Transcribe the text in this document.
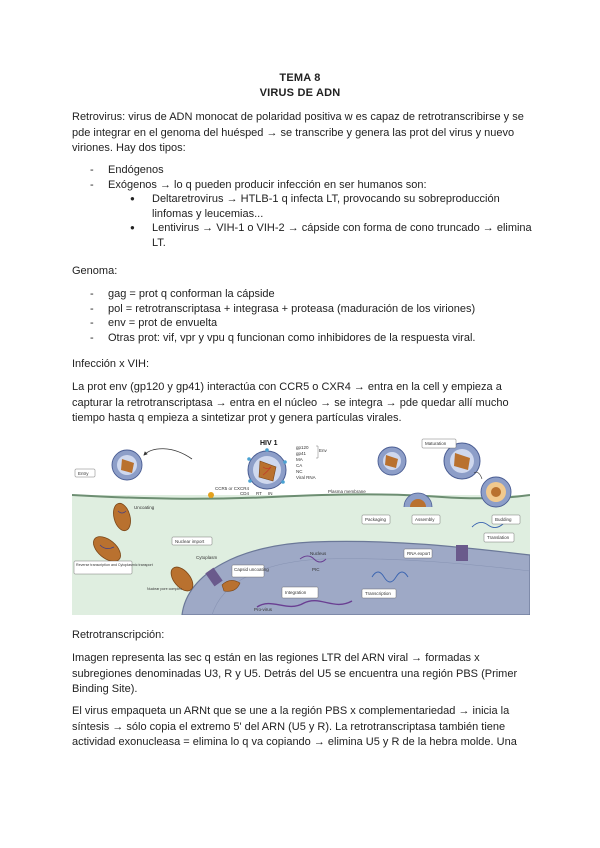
TEMA 8
VIRUS DE ADN

Retrovirus: virus de ADN monocat de polaridad positiva w es capaz de retrotranscribirse y se pde integrar en el genoma del huésped → se transcribe y genera las prot del virus y nuevo viriones. Hay dos tipos:

- Endógenos
- Exógenos → lo q pueden producir infección en ser humanos son:
● Deltaretrovirus → HTLB-1 q infecta LT, provocando su sobreproducción linfomas y leucemias...
● Lentivirus → VIH-1 o VIH-2 → cápside con forma de cono truncado → elimina LT.

Genoma:

- gag = prot q conforman la cápside
- pol = retrotranscriptasa + integrasa + proteasa (maduración de los viriones)
- env = prot de envuelta
- Otras prot: vif, vpr y vpu q funcionan como inhibidores de la respuesta viral.

Infección x VIH:

La prot env (gp120 y gp41) interactúa con CCR5 o CXR4 → entra en la cell y empieza a capturar la retrotranscriptasa → entra en el núcleo → se integra → pde quedar allí mucho tiempo hasta q empieza a sintetizar prot y genera partículas virales.

HIV 1
gp120
gp41
MA
CA
NC
Viral RNA
Env
CD4
CCR5 or CXCR4
RT IN	Plasma membrane
Entry
Uncoating
Reverse transcription and Cytoplasmic transport
Nuclear import
Nuclear pore complex
Cytoplasm
Capsid uncoating
Nucleus
PIC
Integration
Pro-virus
Transcription
RNA export
Translation
Packaging	Assembly	Budding
Maturation

Retrotranscripción:

Imagen representa las sec q están en las regiones LTR del ARN viral → formadas x subregiones denominadas U3, R y U5. Detrás del U5 se encuentra una región PBS (Primer Binding Site).

El virus empaqueta un ARNt que se une a la región PBS x complementariedad → inicia la síntesis → sólo copia el extremo 5' del ARN (U5 y R). La retrotranscriptasa también tiene actividad exonucleasa = elimina lo q va copiando → elimina U5 y R de la hebra molde. Una
